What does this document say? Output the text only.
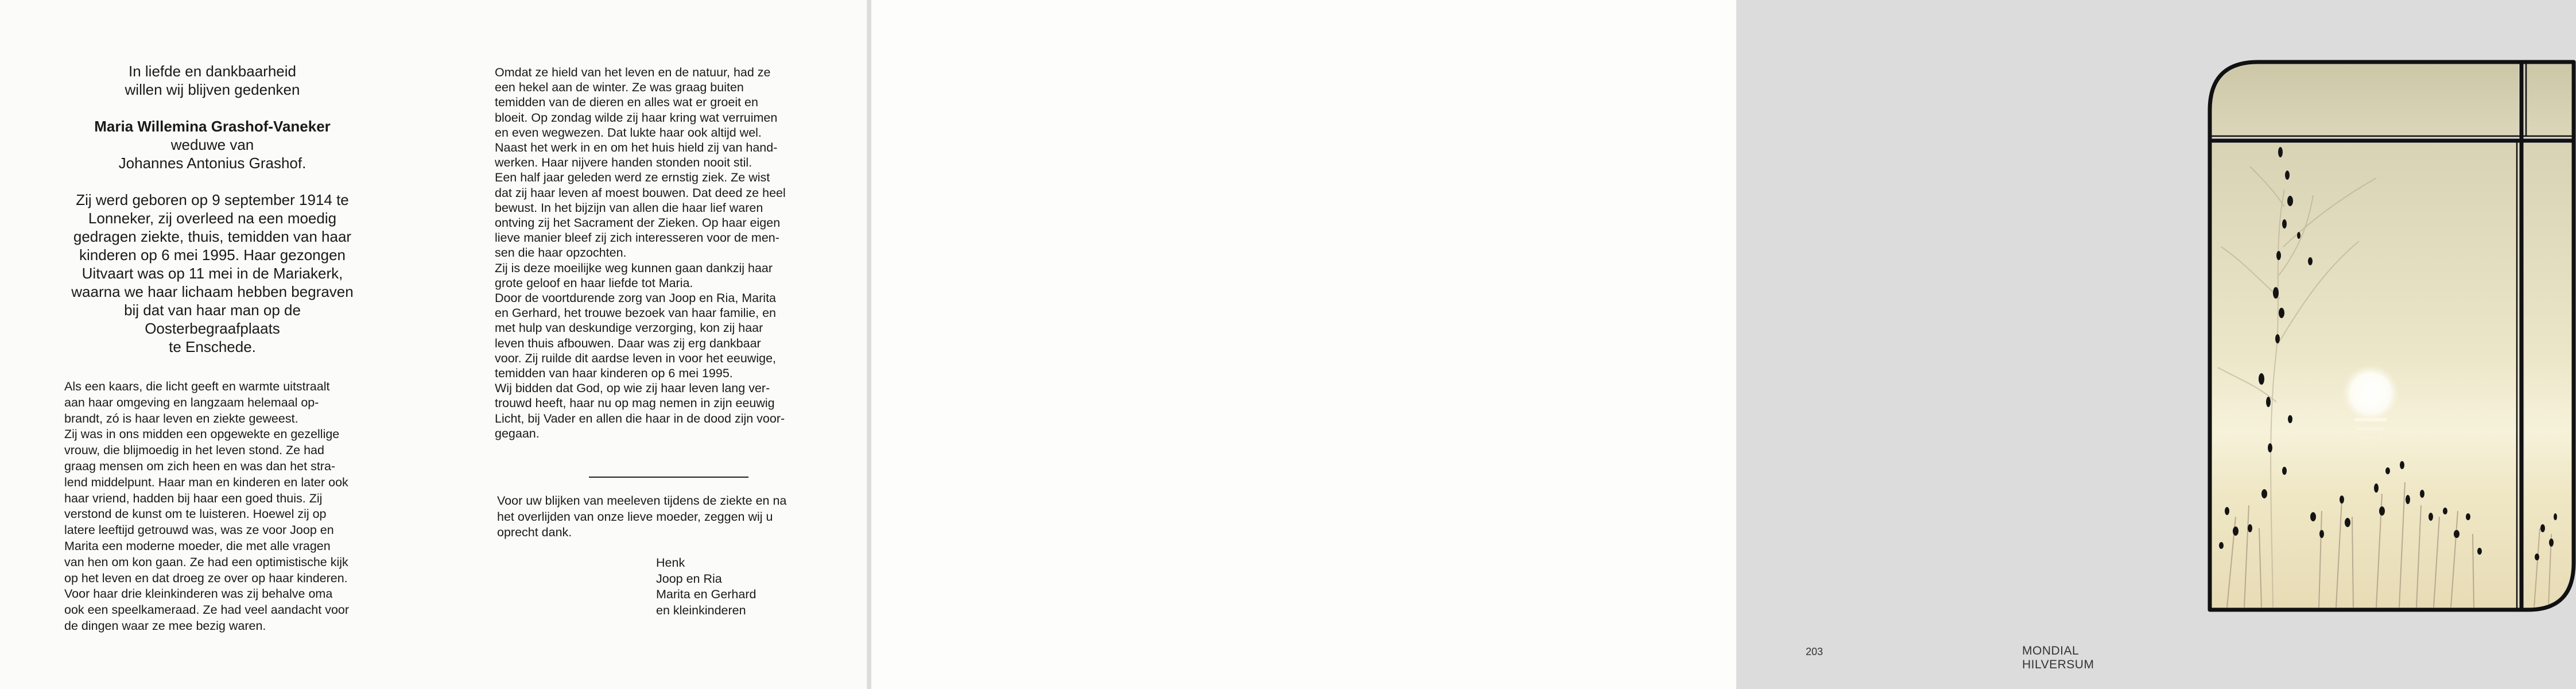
In liefde en dankbaarheid

willen wij blijven gedenken

Maria Willemina Grashof-Vaneker

weduwe van

Johannes Antonius Grashof.

Zij werd geboren op 9 september 1914 te

Lonneker, zij overleed na een moedig

gedragen ziekte, thuis, temidden van haar

kinderen op 6 mei 1995. Haar gezongen

Uitvaart was op 11 mei in de Mariakerk,

waarna we haar lichaam hebben begraven

bij dat van haar man op de

Oosterbegraafplaats

te Enschede.

Als een kaars, die licht geeft en warmte uitstraalt

aan haar omgeving en langzaam helemaal op-

brandt, zó is haar leven en ziekte geweest.

Zij was in ons midden een opgewekte en gezellige

vrouw, die blijmoedig in het leven stond. Ze had

graag mensen om zich heen en was dan het stra-

lend middelpunt. Haar man en kinderen en later ook

haar vriend, hadden bij haar een goed thuis. Zij

verstond de kunst om te luisteren. Hoewel zij op

latere leeftijd getrouwd was, was ze voor Joop en

Marita een moderne moeder, die met alle vragen

van hen om kon gaan. Ze had een optimistische kijk

op het leven en dat droeg ze over op haar kinderen.

Voor haar drie kleinkinderen was zij behalve oma

ook een speelkameraad. Ze had veel aandacht voor

de dingen waar ze mee bezig waren.

Omdat ze hield van het leven en de natuur, had ze

een hekel aan de winter. Ze was graag buiten

temidden van de dieren en alles wat er groeit en

bloeit. Op zondag wilde zij haar kring wat verruimen

en even wegwezen. Dat lukte haar ook altijd wel.

Naast het werk in en om het huis hield zij van hand-

werken. Haar nijvere handen stonden nooit stil.

Een half jaar geleden werd ze ernstig ziek. Ze wist

dat zij haar leven af moest bouwen. Dat deed ze heel

bewust. In het bijzijn van allen die haar lief waren

ontving zij het Sacrament der Zieken. Op haar eigen

lieve manier bleef zij zich interesseren voor de men-

sen die haar opzochten.

Zij is deze moeilijke weg kunnen gaan dankzij haar

grote geloof en haar liefde tot Maria.

Door de voortdurende zorg van Joop en Ria, Marita

en Gerhard, het trouwe bezoek van haar familie, en

met hulp van deskundige verzorging, kon zij haar

leven thuis afbouwen. Daar was zij erg dankbaar

voor. Zij ruilde dit aardse leven in voor het eeuwige,

temidden van haar kinderen op 6 mei 1995.

Wij bidden dat God, op wie zij haar leven lang ver-

trouwd heeft, haar nu op mag nemen in zijn eeuwig

Licht, bij Vader en allen die haar in de dood zijn voor-

gegaan.

Voor uw blijken van meeleven tijdens de ziekte en na

het overlijden van onze lieve moeder, zeggen wij u

oprecht dank.

Henk
Joop en Ria
Marita en Gerhard
en kleinkinderen
203	MONDIAL HILVERSUM
